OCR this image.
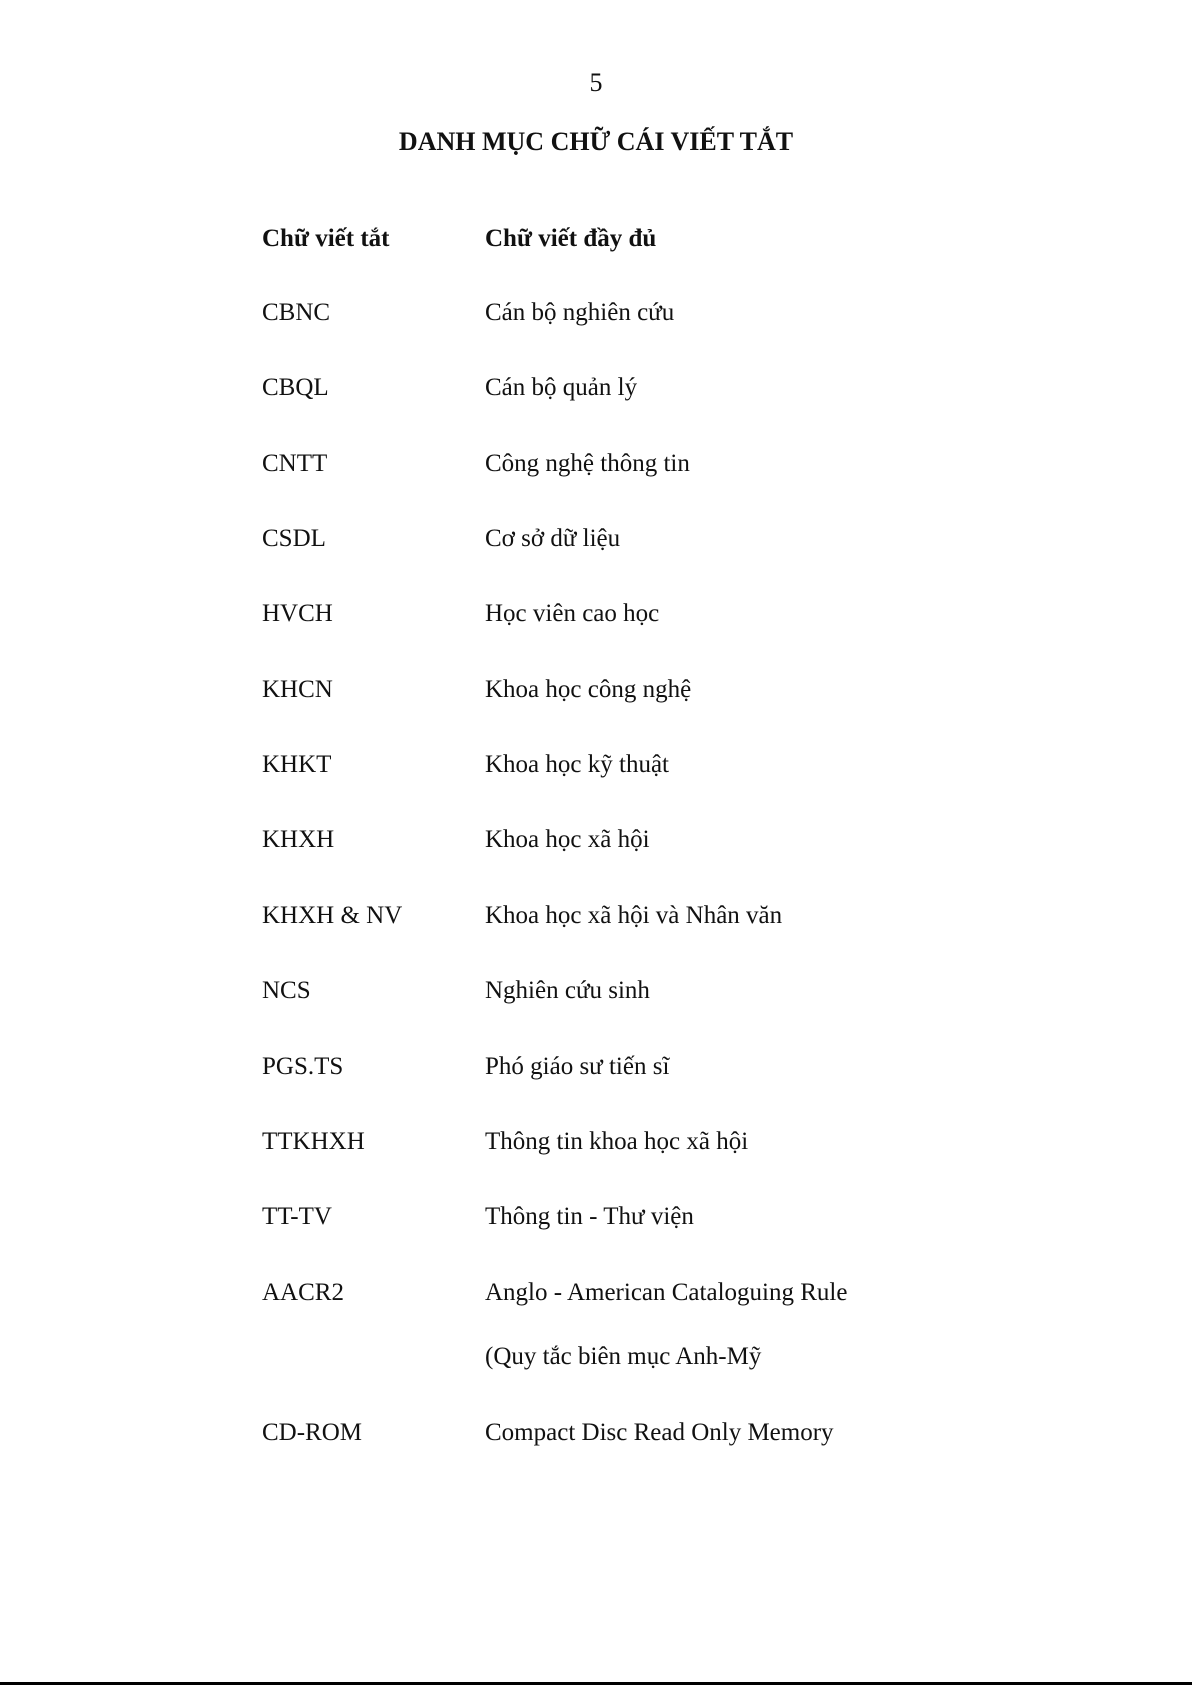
5
DANH MỤC CHỮ CÁI VIẾT TẮT
Chữ viết tắt	Chữ viết đầy đủ
CBNC	Cán bộ nghiên cứu
CBQL	Cán bộ quản lý
CNTT	Công nghệ thông tin
CSDL	Cơ sở dữ liệu
HVCH	Học viên cao học
KHCN	Khoa học công nghệ
KHKT	Khoa học kỹ thuật
KHXH	Khoa học xã hội
KHXH & NV	Khoa học xã hội và Nhân văn
NCS	Nghiên cứu sinh
PGS.TS	Phó giáo sư tiến sĩ
TTKHXH	Thông tin khoa học xã hội
TT-TV	Thông tin - Thư viện
AACR2	Anglo - American Cataloguing Rule
(Quy tắc biên mục Anh-Mỹ
CD-ROM	Compact Disc Read Only Memory
